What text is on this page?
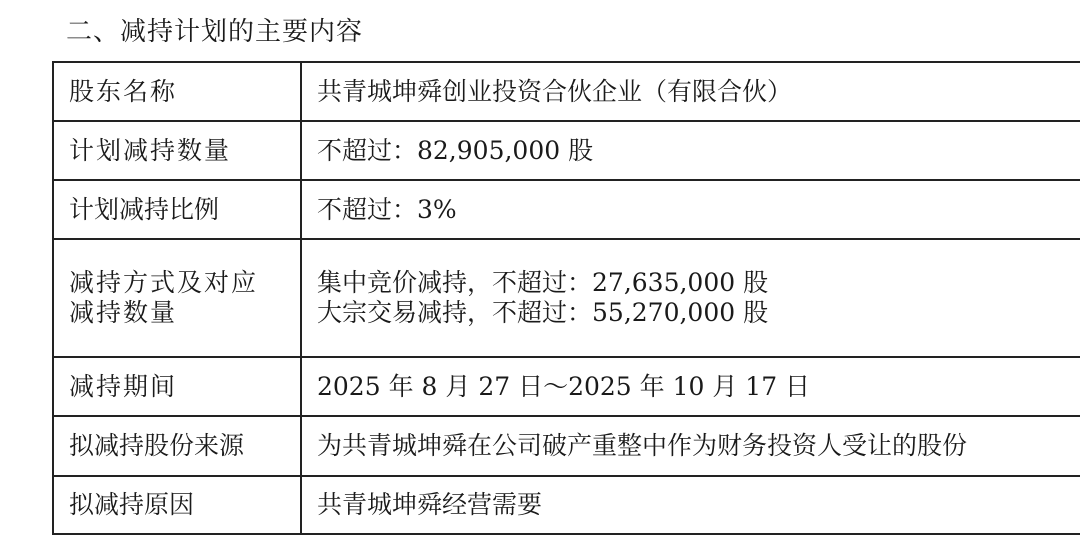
二、减持计划的主要内容
股东名称	共青城坤舜创业投资合伙企业（有限合伙）
计划减持数量	不超过：82,905,000 股
计划减持比例	不超过：3%

减持方式及对应
减持数量	集中竞价减持，不超过：27,635,000 股
大宗交易减持，不超过：55,270,000 股

减持期间	2025 年 8 月 27 日～2025 年 10 月 17 日
拟减持股份来源	为共青城坤舜在公司破产重整中作为财务投资人受让的股份
拟减持原因	共青城坤舜经营需要
